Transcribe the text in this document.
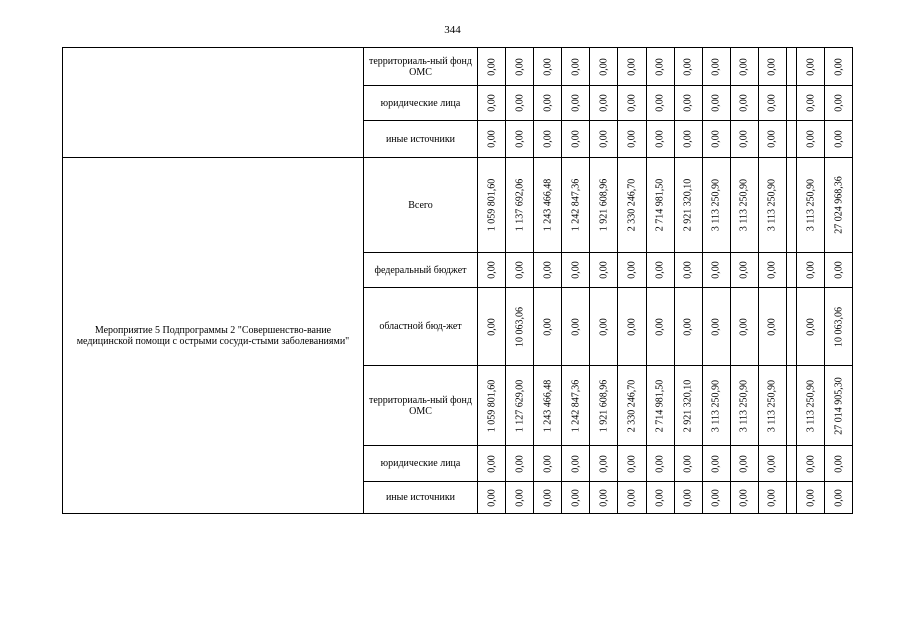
344
	территориаль-ный фонд ОМС	0,00	0,00	0,00	0,00	0,00	0,00	0,00	0,00	0,00	0,00	0,00		0,00	0,00

	юридические лица	0,00	0,00	0,00	0,00	0,00	0,00	0,00	0,00	0,00	0,00	0,00		0,00	0,00

	иные источники	0,00	0,00	0,00	0,00	0,00	0,00	0,00	0,00	0,00	0,00	0,00		0,00	0,00

Мероприятие 5 Подпрограммы 2 "Совершенство-вание медицинской помощи с острыми сосуди-стыми заболеваниями"	Всего	1 059 801,60	1 137 692,06	1 243 466,48	1 242 847,36	1 921 608,96	2 330 246,70	2 714 981,50	2 921 320,10	3 113 250,90	3 113 250,90	3 113 250,90		3 113 250,90	27 024 968,36

	федеральный бюджет	0,00	0,00	0,00	0,00	0,00	0,00	0,00	0,00	0,00	0,00	0,00		0,00	0,00

	областной бюд-жет	0,00	10 063,06	0,00	0,00	0,00	0,00	0,00	0,00	0,00	0,00	0,00		0,00	10 063,06

	территориаль-ный фонд ОМС	1 059 801,60	1 127 629,00	1 243 466,48	1 242 847,36	1 921 608,96	2 330 246,70	2 714 981,50	2 921 320,10	3 113 250,90	3 113 250,90	3 113 250,90		3 113 250,90	27 014 905,30

	юридические лица	0,00	0,00	0,00	0,00	0,00	0,00	0,00	0,00	0,00	0,00	0,00		0,00	0,00

	иные источники	0,00	0,00	0,00	0,00	0,00	0,00	0,00	0,00	0,00	0,00	0,00		0,00	0,00
